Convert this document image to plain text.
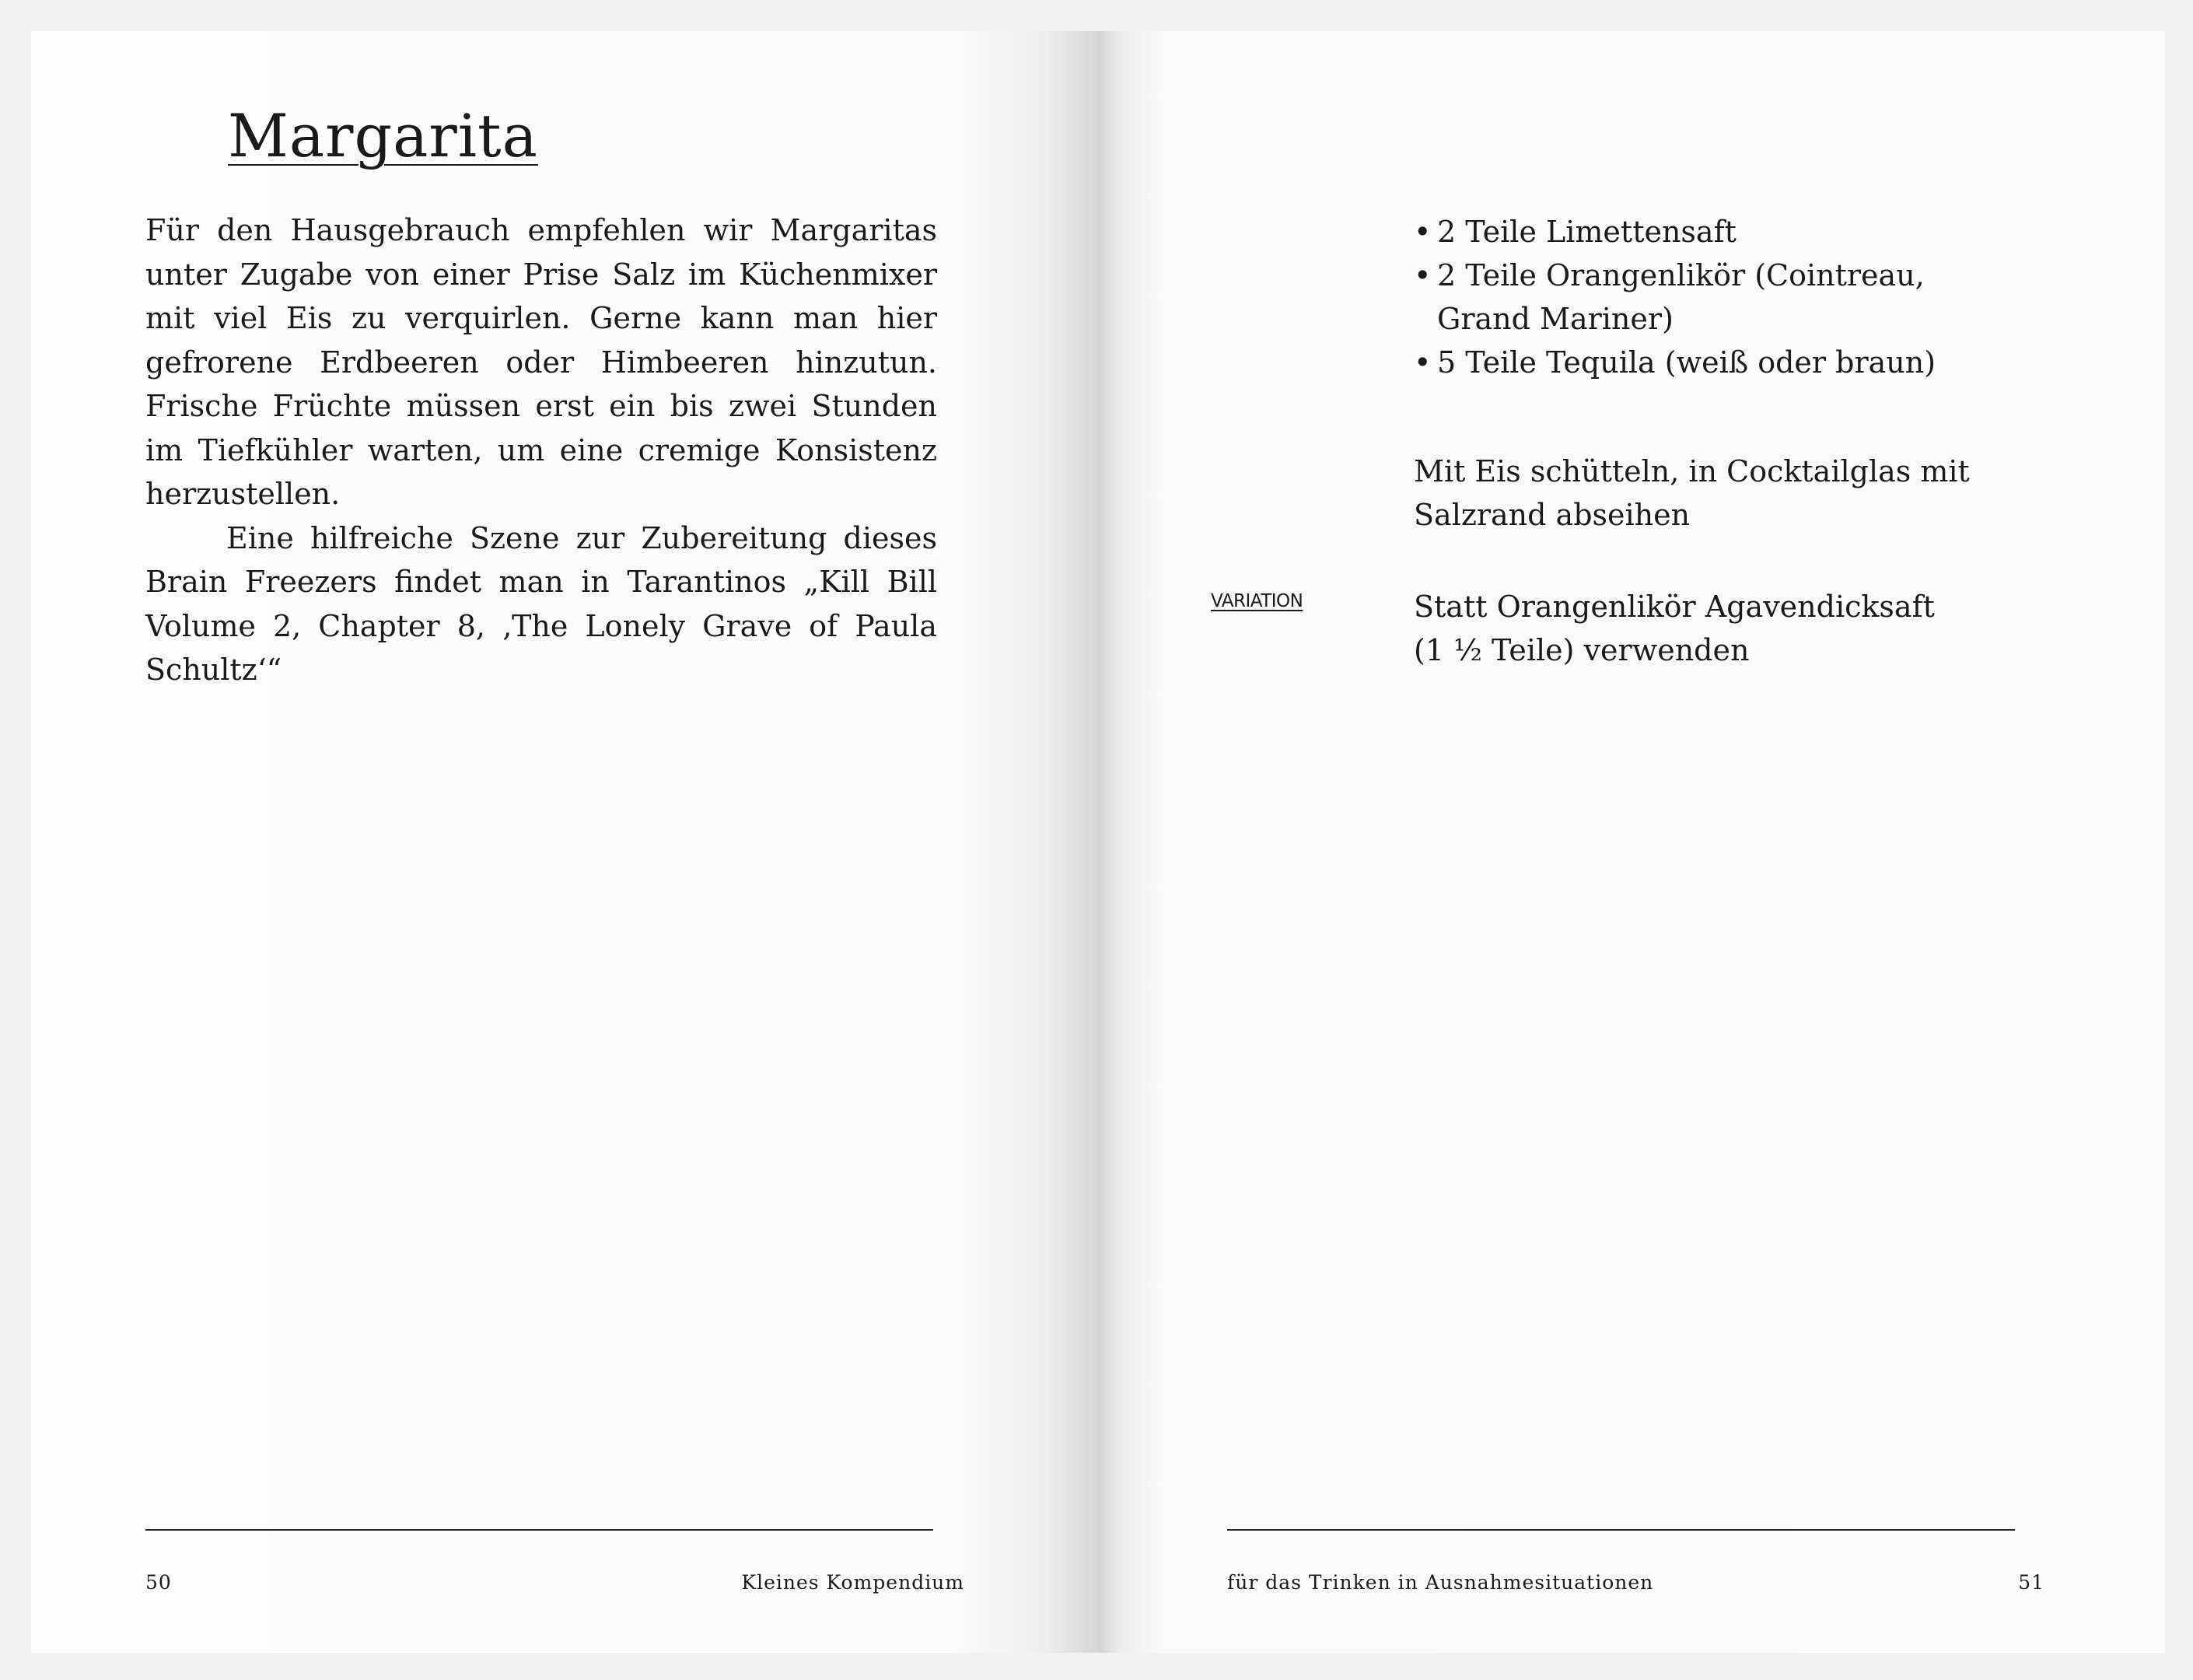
Margarita

Für den Hausgebrauch empfehlen wir Margaritas unter Zugabe von einer Prise Salz im Küchenmixer mit viel Eis zu verquirlen. Gerne kann man hier gefrorene Erdbeeren oder Himbeeren hinzutun. Frische Früchte müssen erst ein bis zwei Stunden im Tiefkühler warten, um eine cremige Konsistenz herzustellen.

Eine hilfreiche Szene zur Zubereitung dieses Brain Freezers findet man in Tarantinos „Kill Bill Volume 2, Chapter 8, ‚The Lonely Grave of Paula Schultz‘“

50	Kleines Kompendium
• 2 Teile Limettensaft
• 2 Teile Orangenlikör (Cointreau, Grand Mariner)
• 5 Teile Tequila (weiß oder braun)

Mit Eis schütteln, in Cocktailglas mit Salzrand abseihen

VARIATION	Statt Orangenlikör Agavendicksaft (1 ½ Teile) verwenden

für das Trinken in Ausnahmesituationen	51
